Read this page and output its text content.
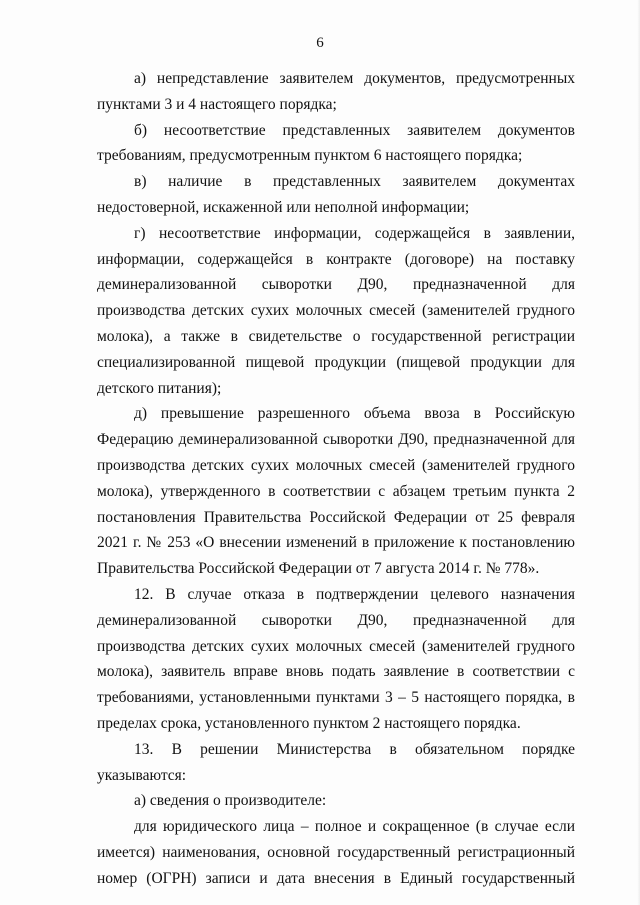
6

а) непредставление заявителем документов, предусмотренных пунктами 3 и 4 настоящего порядка;

б) несоответствие представленных заявителем документов требованиям, предусмотренным пунктом 6 настоящего порядка;

в) наличие в представленных заявителем документах недостоверной, искаженной или неполной информации;

г) несоответствие информации, содержащейся в заявлении, информации, содержащейся в контракте (договоре) на поставку деминерализованной сыворотки Д90, предназначенной для производства детских сухих молочных смесей (заменителей грудного молока), а также в свидетельстве о государственной регистрации специализированной пищевой продукции (пищевой продукции для детского питания);

д) превышение разрешенного объема ввоза в Российскую Федерацию деминерализованной сыворотки Д90, предназначенной для производства детских сухих молочных смесей (заменителей грудного молока), утвержденного в соответствии с абзацем третьим пункта 2 постановления Правительства Российской Федерации от 25 февраля 2021 г. № 253 «О внесении изменений в приложение к постановлению Правительства Российской Федерации от 7 августа 2014 г. № 778».

12. В случае отказа в подтверждении целевого назначения деминерализованной сыворотки Д90, предназначенной для производства детских сухих молочных смесей (заменителей грудного молока), заявитель вправе вновь подать заявление в соответствии с требованиями, установленными пунктами 3 – 5 настоящего порядка, в пределах срока, установленного пунктом 2 настоящего порядка.

13. В решении Министерства в обязательном порядке указываются:

а) сведения о производителе:

для юридического лица – полное и сокращенное (в случае если имеется) наименования, основной государственный регистрационный номер (ОГРН) записи и дата внесения в Единый государственный
